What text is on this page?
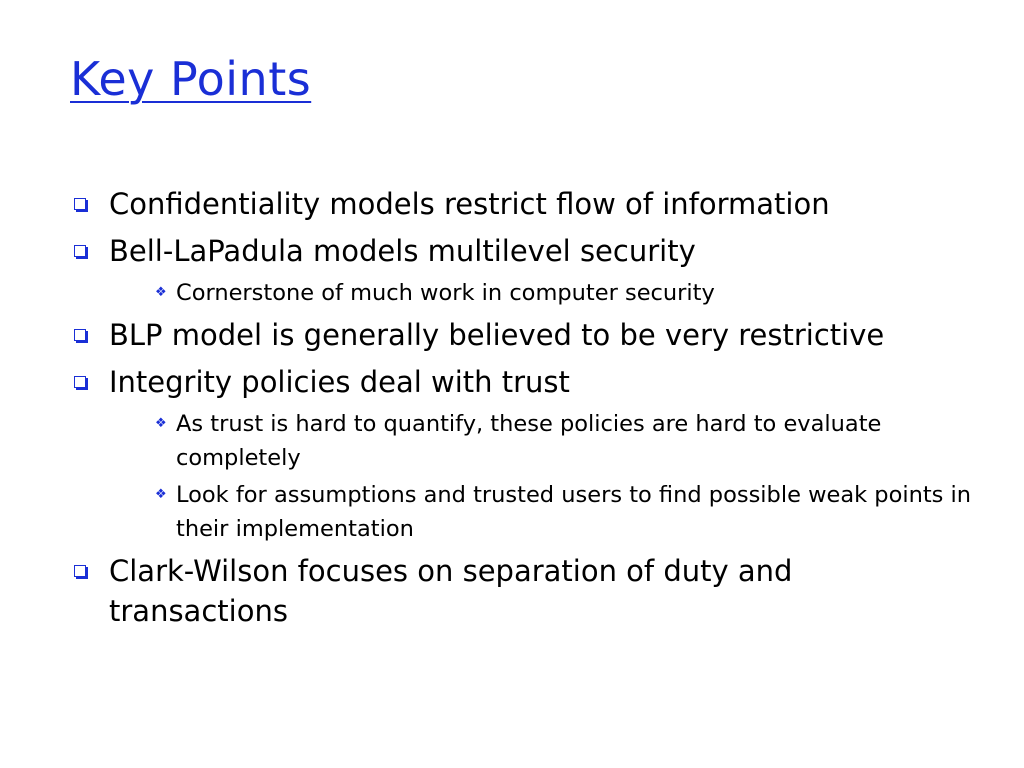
Key Points
Confidentiality models restrict flow of information
Bell-LaPadula models multilevel security
❖ Cornerstone of much work in computer security
BLP model is generally believed to be very restrictive
Integrity policies deal with trust
❖ As trust is hard to quantify, these policies are hard to evaluate completely
❖ Look for assumptions and trusted users to find possible weak points in their implementation
Clark-Wilson focuses on separation of duty and transactions
